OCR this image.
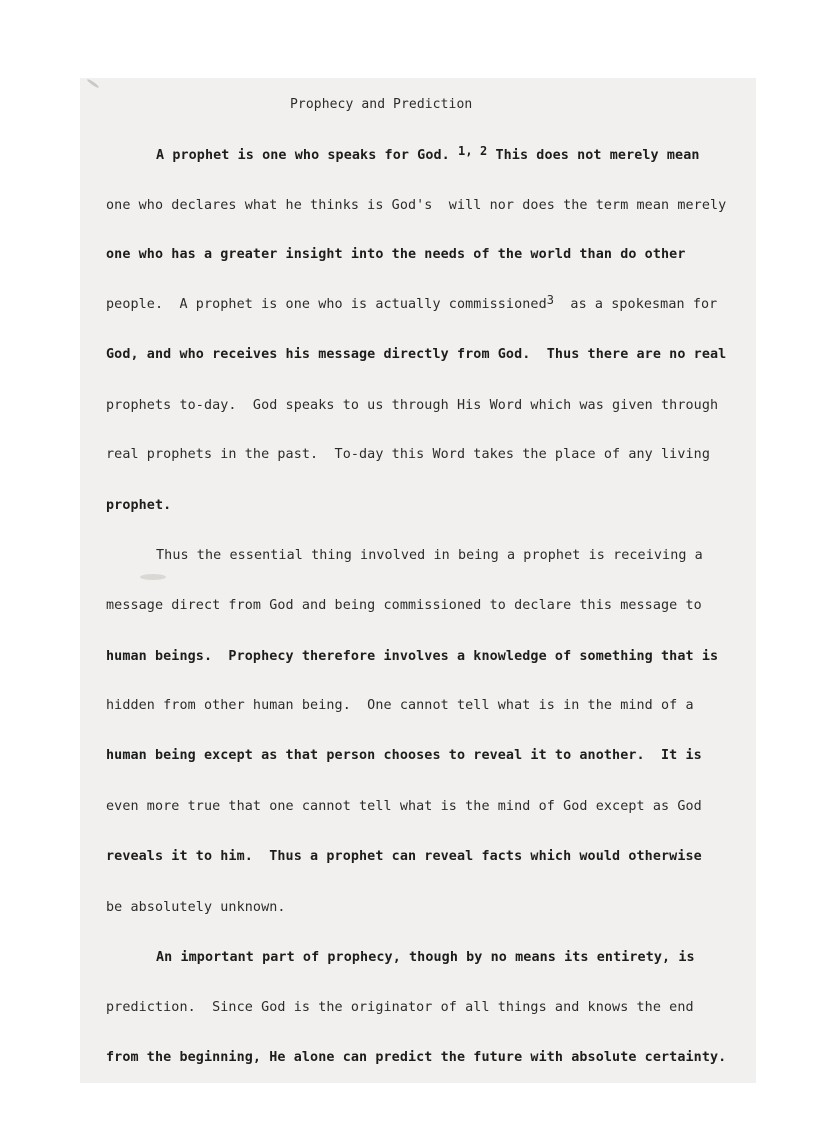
Prophecy and Prediction
A prophet is one who speaks for God. $^{1, 2}$ This does not merely mean
one who declares what he thinks is God's  will nor does the term mean merely
one who has a greater insight into the needs of the world than do other
people.  A prophet is one who is actually commissioned$^3$  as a spokesman for
God, and who receives his message directly from God.  Thus there are no real
prophets to-day.  God speaks to us through His Word which was given through
real prophets in the past.  To-day this Word takes the place of any living
prophet.
Thus the essential thing involved in being a prophet is receiving a
message direct from God and being commissioned to declare this message to
human beings.  Prophecy therefore involves a knowledge of something that is
hidden from other human being.  One cannot tell what is in the mind of a
human being except as that person chooses to reveal it to another.  It is
even more true that one cannot tell what is the mind of God except as God
reveals it to him.  Thus a prophet can reveal facts which would otherwise
be absolutely unknown.
An important part of prophecy, though by no means its entirety, is
prediction.  Since God is the originator of all things and knows the end
from the beginning, He alone can predict the future with absolute certainty.
